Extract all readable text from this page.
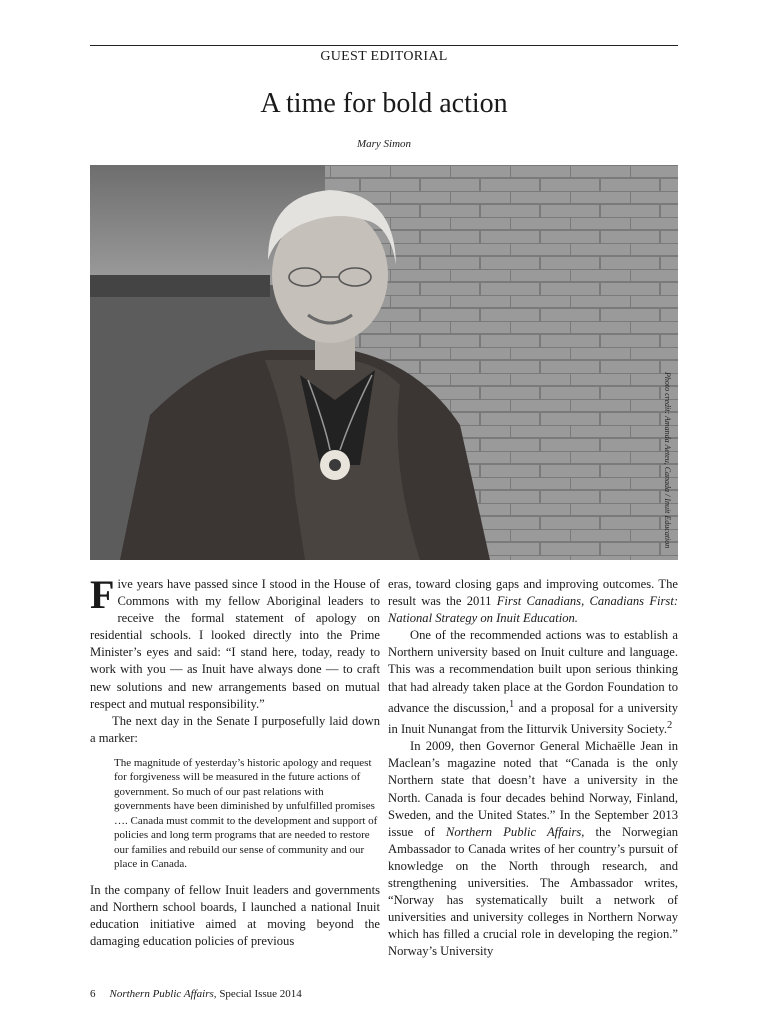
GUEST EDITORIAL
A time for bold action
Mary Simon
Photo credit: Amanda Aeteu, Canada / Inuit Education

Five years have passed since I stood in the House of Commons with my fellow Aboriginal leaders to receive the formal statement of apology on residential schools. I looked directly into the Prime Minister’s eyes and said: “I stand here, today, ready to work with you — as Inuit have always done — to craft new solutions and new arrangements based on mutual respect and mutual responsibility.”

The next day in the Senate I purposefully laid down a marker:

The magnitude of yesterday’s historic apology and request for forgiveness will be measured in the future actions of government. So much of our past relations with governments have been diminished by unfulfilled promises …. Canada must commit to the development and support of policies and long term programs that are needed to restore our families and rebuild our sense of community and our place in Canada.

In the company of fellow Inuit leaders and governments and Northern school boards, I launched a national Inuit education initiative aimed at moving beyond the damaging education policies of previous

eras, toward closing gaps and improving outcomes. The result was the 2011 First Canadians, Canadians First: National Strategy on Inuit Education.

One of the recommended actions was to establish a Northern university based on Inuit culture and language. This was a recommendation built upon serious thinking that had already taken place at the Gordon Foundation to advance the discussion,$^1$ and a proposal for a university in Inuit Nunangat from the Iitturvik University Society.$^2$

In 2009, then Governor General Michaëlle Jean in Maclean’s magazine noted that “Canada is the only Northern state that doesn’t have a university in the North. Canada is four decades behind Norway, Finland, Sweden, and the United States.” In the September 2013 issue of Northern Public Affairs, the Norwegian Ambassador to Canada writes of her country’s pursuit of knowledge on the North through research, and strengthening universities. The Ambassador writes, “Norway has systematically built a network of universities and university colleges in Northern Norway which has filled a crucial role in developing the region.” Norway’s University

6 Northern Public Affairs, Special Issue 2014
